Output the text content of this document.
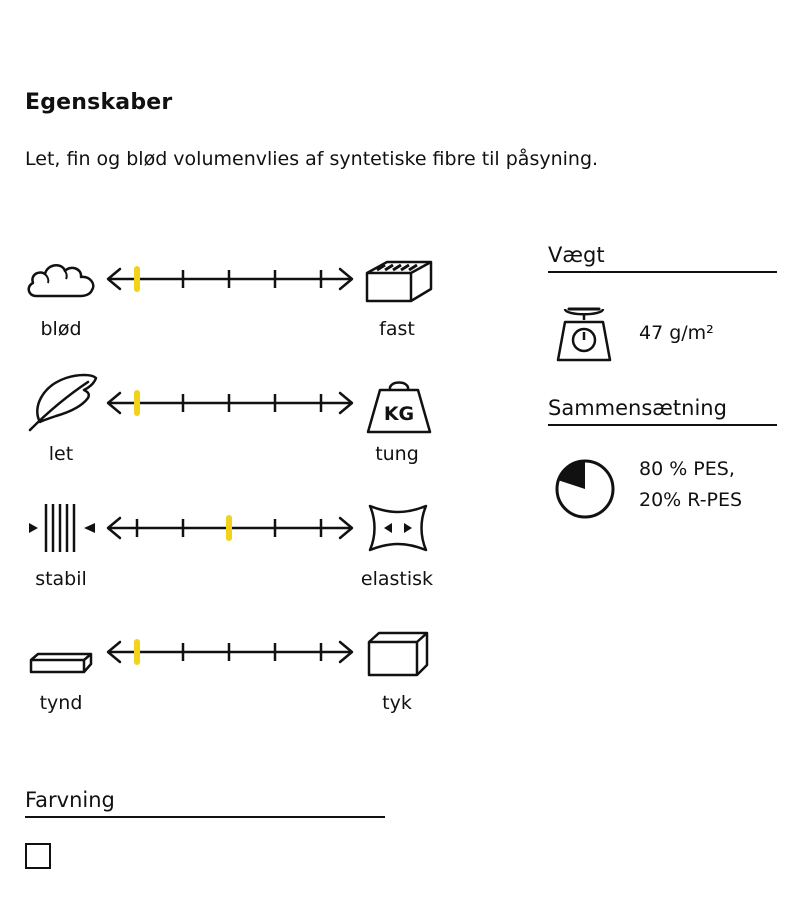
Egenskaber
Let, fin og blød volumenvlies af syntetiske fibre til påsyning.
blød	fast
KG
let	tung
stabil	elastisk
tynd	tyk
Vægt
47 g/m²
Sammensætning
80 % PES,
20% R-PES
Farvning
